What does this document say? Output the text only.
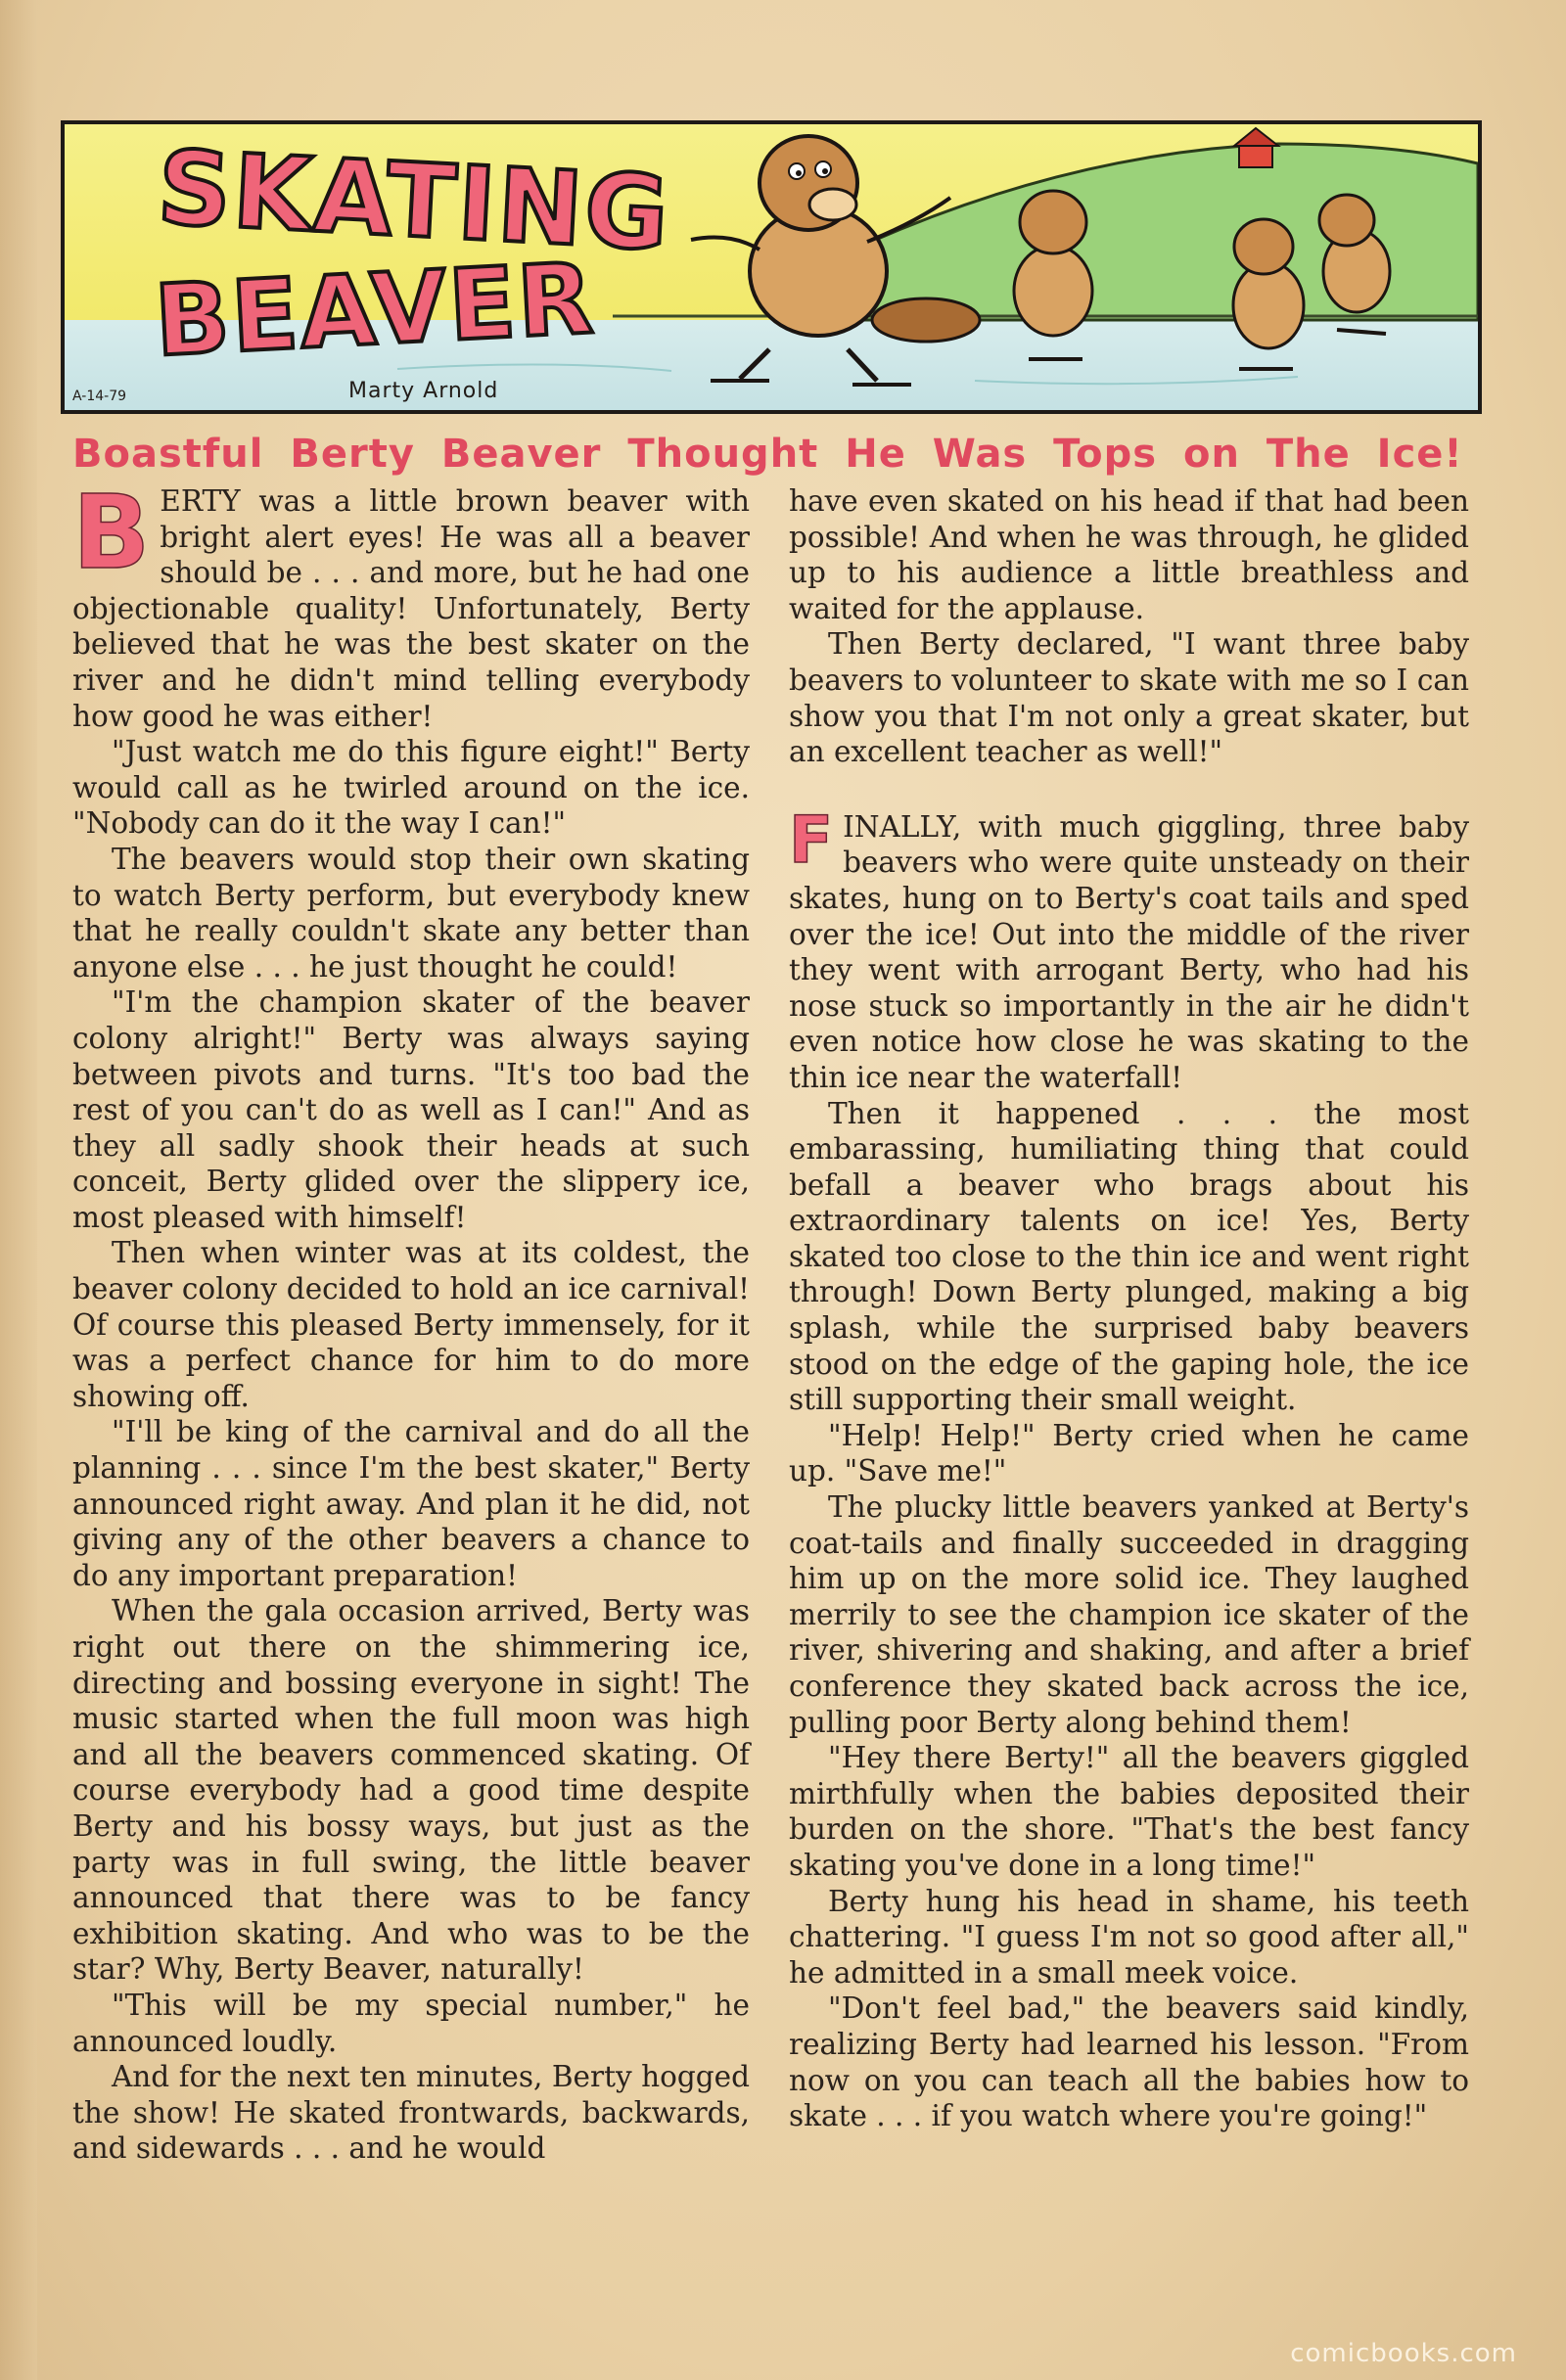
SKATING
BEAVER
Marty Arnold
A-14-79
Boastful Berty Beaver Thought He Was Tops on The Ice!

BERTY was a little brown beaver with bright alert eyes! He was all a beaver should be . . . and more, but he had one objectionable quality! Unfortunately, Berty believed that he was the best skater on the river and he didn't mind telling everybody how good he was either!

"Just watch me do this figure eight!" Berty would call as he twirled around on the ice. "Nobody can do it the way I can!"

The beavers would stop their own skating to watch Berty perform, but everybody knew that he really couldn't skate any better than anyone else . . . he just thought he could!

"I'm the champion skater of the beaver colony alright!" Berty was always saying between pivots and turns. "It's too bad the rest of you can't do as well as I can!" And as they all sadly shook their heads at such conceit, Berty glided over the slippery ice, most pleased with himself!

Then when winter was at its coldest, the beaver colony decided to hold an ice carnival! Of course this pleased Berty immensely, for it was a perfect chance for him to do more showing off.

"I'll be king of the carnival and do all the planning . . . since I'm the best skater," Berty announced right away. And plan it he did, not giving any of the other beavers a chance to do any important preparation!

When the gala occasion arrived, Berty was right out there on the shimmering ice, directing and bossing everyone in sight! The music started when the full moon was high and all the beavers commenced skating. Of course everybody had a good time despite Berty and his bossy ways, but just as the party was in full swing, the little beaver announced that there was to be fancy exhibition skating. And who was to be the star? Why, Berty Beaver, naturally!

"This will be my special number," he announced loudly.

And for the next ten minutes, Berty hogged the show! He skated frontwards, backwards, and sidewards . . . and he would

have even skated on his head if that had been possible! And when he was through, he glided up to his audience a little breathless and waited for the applause.

Then Berty declared, "I want three baby beavers to volunteer to skate with me so I can show you that I'm not only a great skater, but an excellent teacher as well!"

FINALLY, with much giggling, three baby beavers who were quite unsteady on their skates, hung on to Berty's coat tails and sped over the ice! Out into the middle of the river they went with arrogant Berty, who had his nose stuck so importantly in the air he didn't even notice how close he was skating to the thin ice near the waterfall!

Then it happened . . . the most embarassing, humiliating thing that could befall a beaver who brags about his extraordinary talents on ice! Yes, Berty skated too close to the thin ice and went right through! Down Berty plunged, making a big splash, while the surprised baby beavers stood on the edge of the gaping hole, the ice still supporting their small weight.

"Help! Help!" Berty cried when he came up. "Save me!"

The plucky little beavers yanked at Berty's coat-tails and finally succeeded in dragging him up on the more solid ice. They laughed merrily to see the champion ice skater of the river, shivering and shaking, and after a brief conference they skated back across the ice, pulling poor Berty along behind them!

"Hey there Berty!" all the beavers giggled mirthfully when the babies deposited their burden on the shore. "That's the best fancy skating you've done in a long time!"

Berty hung his head in shame, his teeth chattering. "I guess I'm not so good after all," he admitted in a small meek voice.

"Don't feel bad," the beavers said kindly, realizing Berty had learned his lesson. "From now on you can teach all the babies how to skate . . . if you watch where you're going!"

comicbooks.com
